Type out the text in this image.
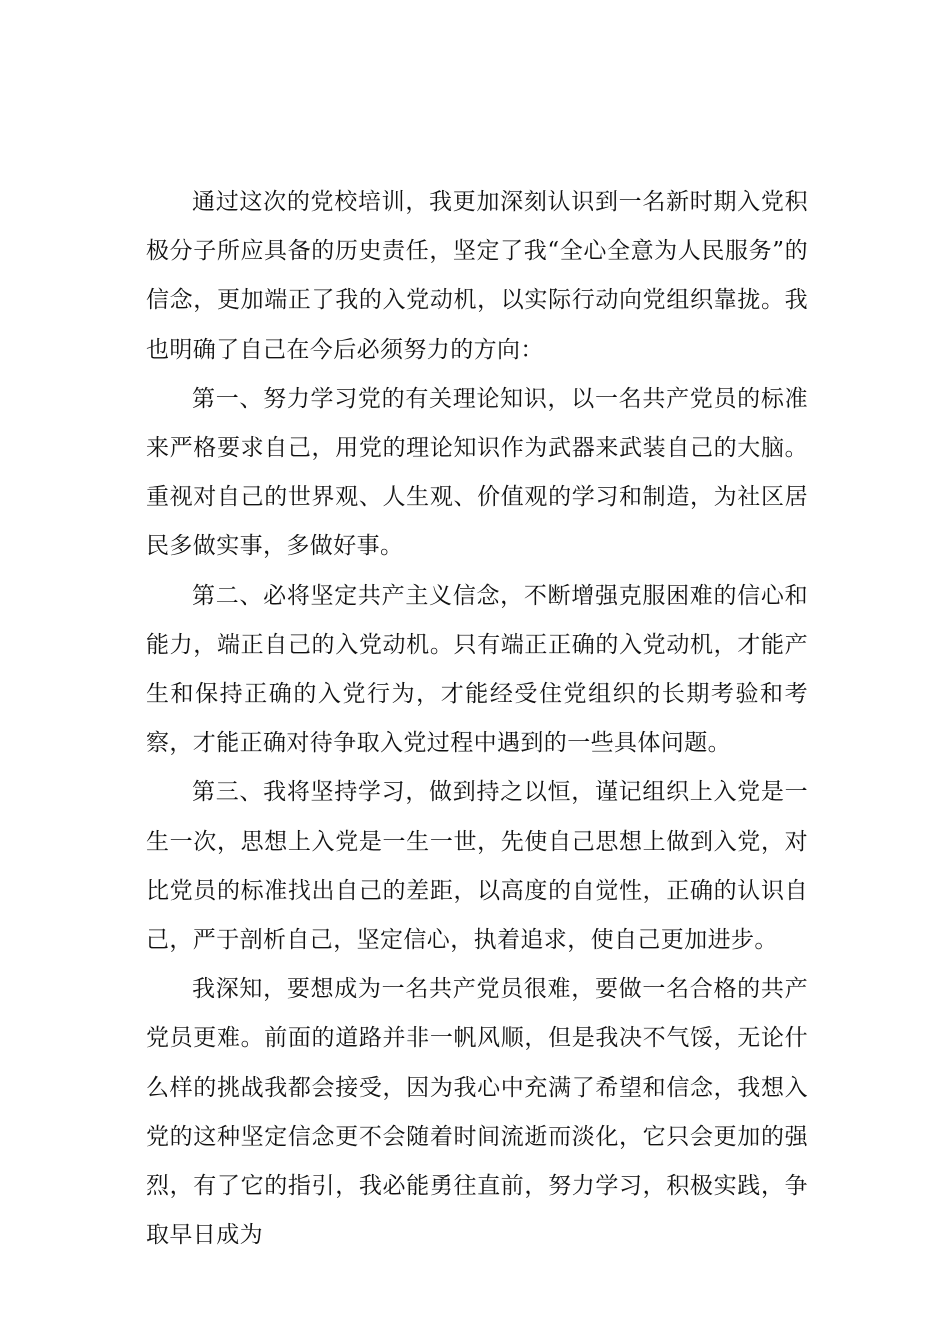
通过这次的党校培训，我更加深刻认识到一名新时期入党积极分子所应具备的历史责任，坚定了我“全心全意为人民服务”的信念，更加端正了我的入党动机，以实际行动向党组织靠拢。我也明确了自己在今后必须努力的方向：

第一、努力学习党的有关理论知识，以一名共产党员的标准来严格要求自己，用党的理论知识作为武器来武装自己的大脑。重视对自己的世界观、人生观、价值观的学习和制造，为社区居民多做实事，多做好事。

第二、必将坚定共产主义信念，不断增强克服困难的信心和能力，端正自己的入党动机。只有端正正确的入党动机，才能产生和保持正确的入党行为，才能经受住党组织的长期考验和考察，才能正确对待争取入党过程中遇到的一些具体问题。

第三、我将坚持学习，做到持之以恒，谨记组织上入党是一生一次，思想上入党是一生一世，先使自己思想上做到入党，对比党员的标准找出自己的差距，以高度的自觉性，正确的认识自己，严于剖析自己，坚定信心，执着追求，使自己更加进步。

我深知，要想成为一名共产党员很难，要做一名合格的共产党员更难。前面的道路并非一帆风顺，但是我决不气馁，无论什么样的挑战我都会接受，因为我心中充满了希望和信念，我想入党的这种坚定信念更不会随着时间流逝而淡化，它只会更加的强烈，有了它的指引，我必能勇往直前，努力学习，积极实践，争取早日成为
